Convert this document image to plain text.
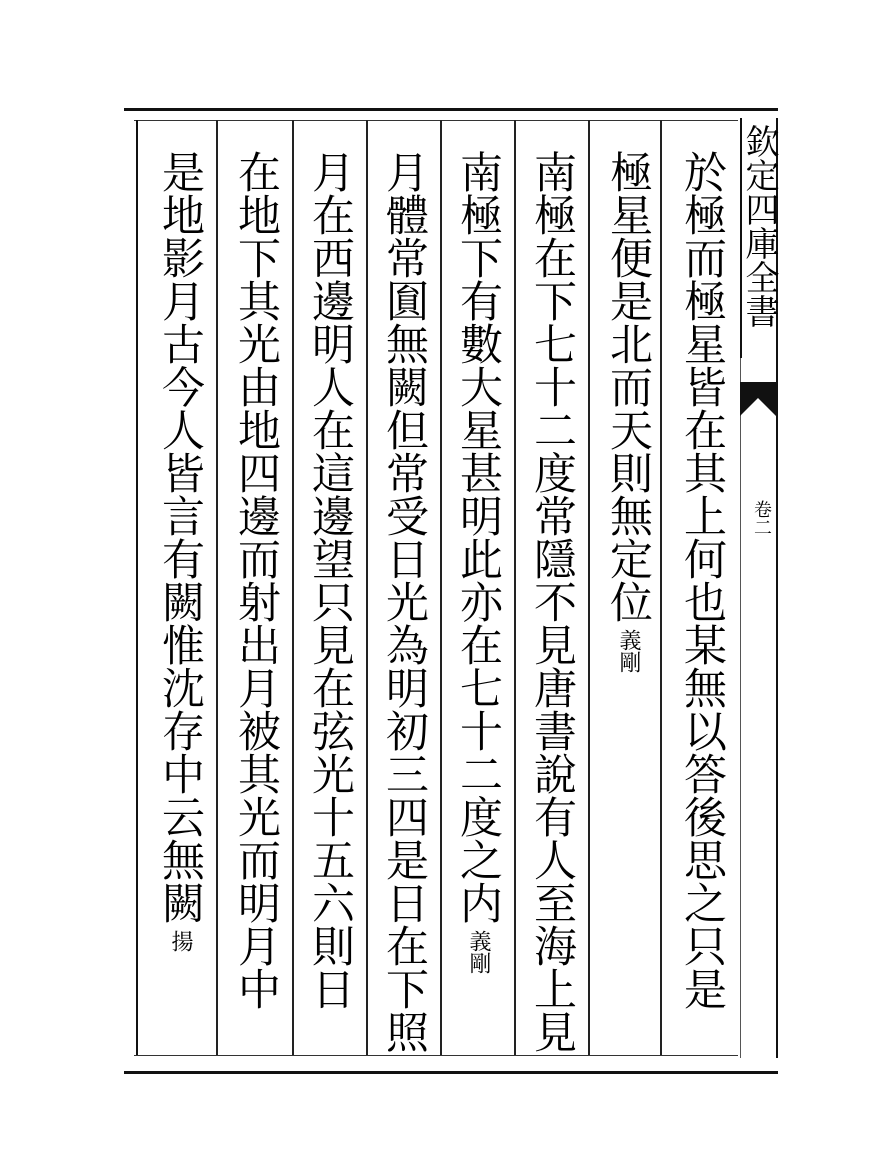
欽定四庫全書
卷二
於極而極星皆在其上何也某無以答後思之只是
極星便是北而天則無定位
義剛
南極在下七十二度常隱不見唐書說有人至海上見
南極下有數大星甚明此亦在七十二度之内
義剛
月體常圎無闕但常受日光為明初三四是日在下照
月在西邊明人在這邊望只見在弦光十五六則日
在地下其光由地四邊而射出月被其光而明月中
是地影月古今人皆言有闕惟沈存中云無闕
揚
